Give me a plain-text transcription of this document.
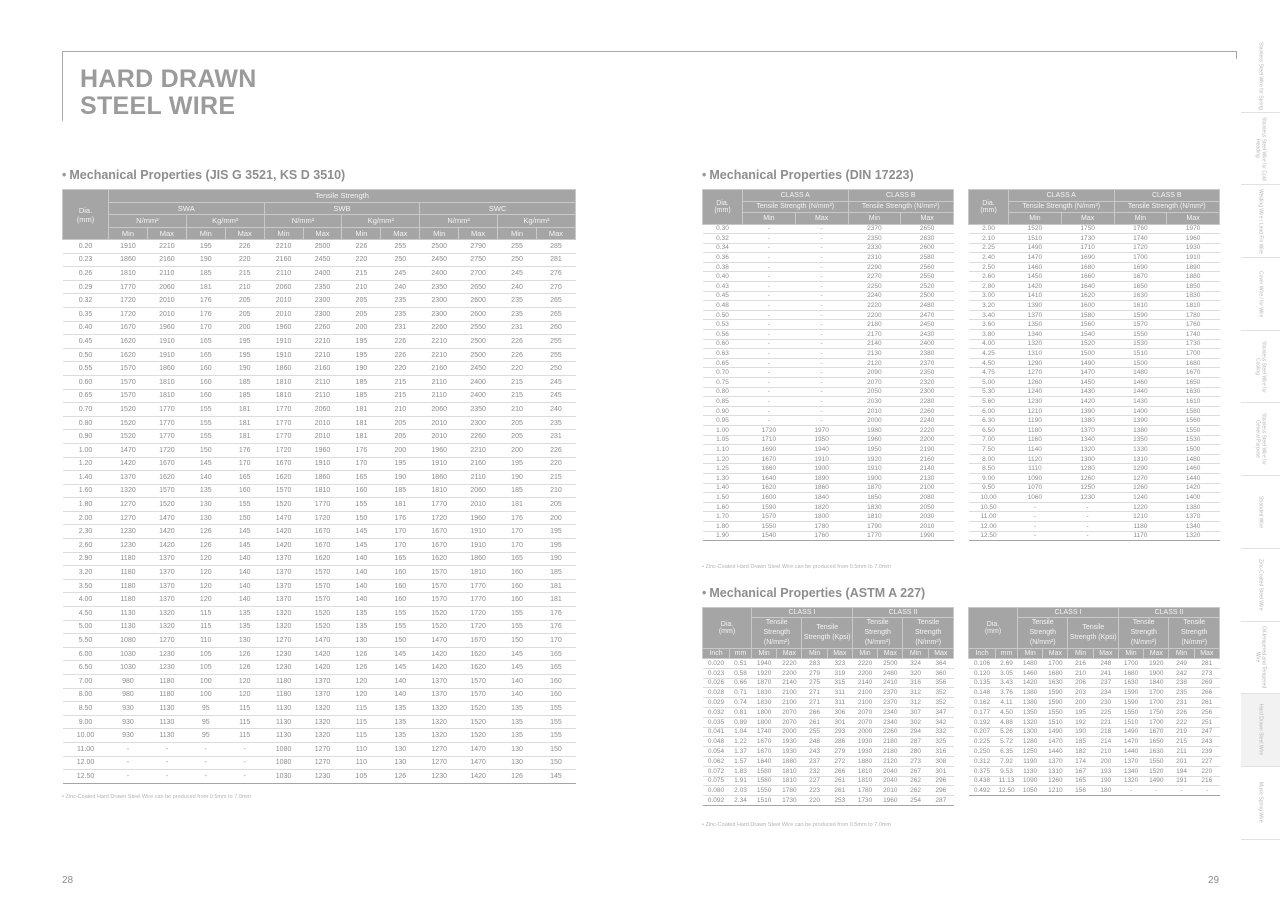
HARD DRAWN
STEEL WIRE
• Mechanical Properties (JIS G 3521, KS D 3510)
Dia.
(mm)	Tensile Strength											
	SWA				SWB				SWC			
	N/mm²		Kg/mm²		N/mm²		Kg/mm²		N/mm²		Kg/mm²	
	Min	Max	Min	Max	Min	Max	Min	Max	Min	Max	Min	Max
0.20	1910	2210	195	226	2210	2500	226	255	2500	2790	255	285
0.23	1860	2160	190	220	2160	2450	220	250	2450	2750	250	281
0.26	1810	2110	185	215	2110	2400	215	245	2400	2700	245	276
0.29	1770	2060	181	210	2060	2350	210	240	2350	2650	240	270
0.32	1720	2010	176	205	2010	2300	205	235	2300	2600	235	265
0.35	1720	2010	176	205	2010	2300	205	235	2300	2600	235	265
0.40	1670	1960	170	200	1960	2260	200	231	2260	2550	231	260
0.45	1620	1910	165	195	1910	2210	195	226	2210	2500	226	255
0.50	1620	1910	165	195	1910	2210	195	226	2210	2500	226	255
0.55	1570	1860	160	190	1860	2160	190	220	2160	2450	220	250
0.60	1570	1810	160	185	1810	2110	185	215	2110	2400	215	245
0.65	1570	1810	160	185	1810	2110	185	215	2110	2400	215	245
0.70	1520	1770	155	181	1770	2060	181	210	2060	2350	210	240
0.80	1520	1770	155	181	1770	2010	181	205	2010	2300	205	235
0.90	1520	1770	155	181	1770	2010	181	205	2010	2260	205	231
1.00	1470	1720	150	176	1720	1960	176	200	1960	2210	200	226
1.20	1420	1670	145	170	1670	1910	170	195	1910	2160	195	220
1.40	1370	1620	140	165	1620	1860	165	190	1860	2110	190	215
1.60	1320	1570	135	160	1570	1810	160	185	1810	2060	185	210
1.80	1270	1520	130	155	1520	1770	155	181	1770	2010	181	205
2.00	1270	1470	130	150	1470	1720	150	176	1720	1960	176	200
2.30	1230	1420	126	145	1420	1670	145	170	1670	1910	170	195
2.60	1230	1420	126	145	1420	1670	145	170	1670	1910	170	195
2.90	1180	1370	120	140	1370	1620	140	165	1620	1860	165	190
3.20	1180	1370	120	140	1370	1570	140	160	1570	1810	160	185
3.50	1180	1370	120	140	1370	1570	140	160	1570	1770	160	181
4.00	1180	1370	120	140	1370	1570	140	160	1570	1770	160	181
4.50	1130	1320	115	135	1320	1520	135	155	1520	1720	155	176
5.00	1130	1320	115	135	1320	1520	135	155	1520	1720	155	176
5.50	1080	1270	110	130	1270	1470	130	150	1470	1670	150	170
6.00	1030	1230	105	126	1230	1420	126	145	1420	1620	145	165
6.50	1030	1230	105	126	1230	1420	126	145	1420	1620	145	165
7.00	980	1180	100	120	1180	1370	120	140	1370	1570	140	160
8.00	980	1180	100	120	1180	1370	120	140	1370	1570	140	160
8.50	930	1130	95	115	1130	1320	115	135	1320	1520	135	155
9.00	930	1130	95	115	1130	1320	115	135	1320	1520	135	155
10.00	930	1130	95	115	1130	1320	115	135	1320	1520	135	155
11.00	-	-	-	-	1080	1270	110	130	1270	1470	130	150
12.00	-	-	-	-	1080	1270	110	130	1270	1470	130	150
12.50	-	-	-	-	1030	1230	105	126	1230	1420	126	145
• Zinc-Coated Hard Drawn Steel Wire can be produced from 0.5mm to 7.0mm
• Mechanical Properties (DIN 17223)
Dia.
(mm)	CLASS A		CLASS B	
	Tensile Strength (N/mm²)		Tensile Strength (N/mm²)	
	Min	Max	Min	Max
0.30	-	-	2370	2650
0.32	-	-	2350	2630
0.34	-	-	2330	2600
0.36	-	-	2310	2580
0.38	-	-	2290	2560
0.40	-	-	2270	2550
0.43	-	-	2250	2520
0.45	-	-	2240	2500
0.48	-	-	2220	2480
0.50	-	-	2200	2470
0.53	-	-	2180	2450
0.56	-	-	2170	2430
0.60	-	-	2140	2400
0.63	-	-	2130	2380
0.65	-	-	2120	2370
0.70	-	-	2090	2350
0.75	-	-	2070	2320
0.80	-	-	2050	2300
0.85	-	-	2030	2280
0.90	-	-	2010	2260
0.95	-	-	2000	2240
1.00	1720	1970	1980	2220
1.05	1710	1950	1960	2200
1.10	1690	1940	1950	2190
1.20	1670	1910	1920	2160
1.25	1660	1900	1910	2140
1.30	1640	1890	1900	2130
1.40	1620	1860	1870	2100
1.50	1600	1840	1850	2080
1.60	1590	1820	1830	2050
1.70	1570	1800	1810	2030
1.80	1550	1780	1790	2010
1.90	1540	1760	1770	1990
Dia.
(mm)	CLASS A		CLASS B	
	Tensile Strength (N/mm²)		Tensile Strength (N/mm²)	
	Min	Max	Min	Max
2.00	1520	1750	1760	1970
2.10	1510	1730	1740	1960
2.25	1490	1710	1720	1930
2.40	1470	1690	1700	1910
2.50	1460	1680	1690	1890
2.60	1450	1660	1670	1880
2.80	1420	1640	1650	1850
3.00	1410	1620	1630	1830
3.20	1390	1600	1610	1810
3.40	1370	1580	1590	1780
3.60	1350	1560	1570	1760
3.80	1340	1540	1550	1740
4.00	1320	1520	1530	1730
4.25	1310	1500	1510	1700
4.50	1290	1490	1500	1680
4.75	1270	1470	1480	1670
5.00	1260	1450	1460	1650
5.30	1240	1430	1440	1630
5.60	1230	1420	1430	1610
6.00	1210	1390	1400	1580
6.30	1190	1380	1390	1560
6.50	1180	1370	1380	1550
7.00	1160	1340	1350	1530
7.50	1140	1320	1330	1500
8.00	1120	1300	1310	1480
8.50	1110	1280	1290	1460
9.00	1090	1260	1270	1440
9.50	1070	1250	1260	1420
10.00	1060	1230	1240	1400
10.50	-	-	1220	1380
11.00	-	-	1210	1370
12.00	-	-	1180	1340
12.50	-	-	1170	1320
• Zinc-Coated Hard Drawn Steel Wire can be produced from 0.5mm to 7.0mm
• Mechanical Properties (ASTM A 227)
Dia.
(mm)		CLASS I				CLASS II			
		Tensile Strength (N/mm²)		Tensile Strength (Kpsi)		Tensile Strength (N/mm²)		Tensile Strength (N/mm²)	
Inch	mm	Min	Max	Min	Max	Min	Max	Min	Max
0.020	0.51	1940	2220	283	323	2220	2500	324	364
0.023	0.58	1920	2200	279	319	2200	2480	320	360
0.026	0.66	1870	2140	275	315	2140	2410	316	356
0.028	0.71	1830	2100	271	311	2100	2370	312	352
0.029	0.74	1830	2100	271	311	2100	2370	312	352
0.032	0.81	1800	2070	266	306	2070	2340	307	347
0.035	0.89	1800	2070	261	301	2070	2340	302	342
0.041	1.04	1740	2000	255	293	2000	2260	294	332
0.048	1.22	1670	1930	248	286	1930	2180	287	325
0.054	1.37	1670	1930	243	279	1930	2180	280	316
0.062	1.57	1640	1880	237	272	1880	2120	273	308
0.072	1.83	1580	1810	232	266	1810	2040	267	301
0.075	1.91	1580	1810	227	261	1810	2040	262	296
0.080	2.03	1550	1780	223	261	1780	2010	262	296
0.092	2.34	1510	1730	220	253	1730	1960	254	287
Dia.
(mm)		CLASS I				CLASS II			
		Tensile Strength (N/mm²)		Tensile Strength (Kpsi)		Tensile Strength (N/mm²)		Tensile Strength (N/mm²)	
Inch	mm	Min	Max	Min	Max	Min	Max	Min	Max
0.106	2.69	1480	1700	216	248	1700	1920	249	281
0.120	3.05	1460	1680	210	241	1680	1900	242	273
0.135	3.43	1420	1630	206	237	1630	1840	238	269
0.148	3.76	1380	1590	203	234	1590	1700	235	266
0.162	4.11	1380	1590	200	230	1590	1700	231	261
0.177	4.50	1350	1550	195	225	1550	1750	226	256
0.192	4.88	1320	1510	192	221	1510	1700	222	251
0.207	5.26	1300	1490	190	218	1490	1670	219	247
0.225	5.72	1280	1470	185	214	1470	1650	215	243
0.250	6.35	1250	1440	182	210	1440	1630	211	239
0.312	7.92	1190	1370	174	200	1370	1550	201	227
0.375	9.53	1130	1310	167	193	1340	1520	194	220
0.438	11.13	1090	1260	165	190	1320	1490	191	216
0.492	12.50	1050	1210	156	180	-	-	-	-
• Zinc-Coated Hard Drawn Steel Wire can be produced from 0.5mm to 7.0mm
28	29
Stainless Steel Wire for Spring
Stainless Steel Wire for Cold Heading
Welding Wire / Lead Fin Wire
Cover Wire / for Wire
Stainless Steel Wire for Cooling
Stainless Steel Wire for General Purpose
Stranded Wire
Zinc-Coated Steel Wire
Oil-tempered and Tempered Wire
Hard Drawn Steel Wire
Music Spring Wire
